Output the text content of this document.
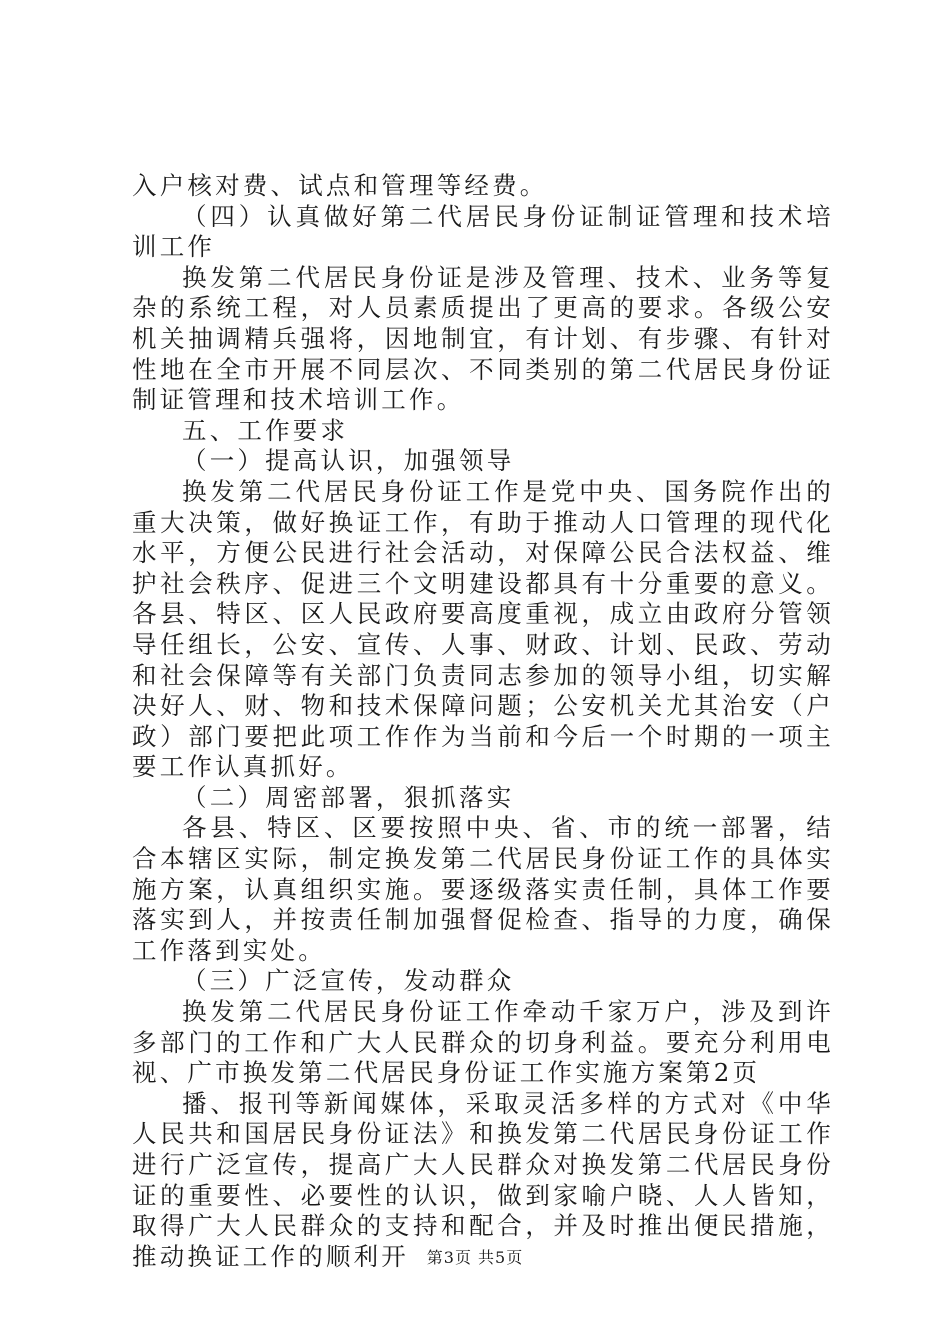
入户核对费、试点和管理等经费。

（四）认真做好第二代居民身份证制证管理和技术培训工作

换发第二代居民身份证是涉及管理、技术、业务等复杂的系统工程，对人员素质提出了更高的要求。各级公安机关抽调精兵强将，因地制宜，有计划、有步骤、有针对性地在全市开展不同层次、不同类别的第二代居民身份证制证管理和技术培训工作。

五、工作要求

（一）提高认识，加强领导

换发第二代居民身份证工作是党中央、国务院作出的重大决策，做好换证工作，有助于推动人口管理的现代化水平，方便公民进行社会活动，对保障公民合法权益、维护社会秩序、促进三个文明建设都具有十分重要的意义。各县、特区、区人民政府要高度重视，成立由政府分管领导任组长，公安、宣传、人事、财政、计划、民政、劳动和社会保障等有关部门负责同志参加的领导小组，切实解决好人、财、物和技术保障问题；公安机关尤其治安（户政）部门要把此项工作作为当前和今后一个时期的一项主要工作认真抓好。

（二）周密部署，狠抓落实

各县、特区、区要按照中央、省、市的统一部署，结合本辖区实际，制定换发第二代居民身份证工作的具体实施方案，认真组织实施。要逐级落实责任制，具体工作要落实到人，并按责任制加强督促检查、指导的力度，确保工作落到实处。

（三）广泛宣传，发动群众

换发第二代居民身份证工作牵动千家万户，涉及到许多部门的工作和广大人民群众的切身利益。要充分利用电视、广市换发第二代居民身份证工作实施方案第2页

播、报刊等新闻媒体，采取灵活多样的方式对《中华人民共和国居民身份证法》和换发第二代居民身份证工作进行广泛宣传，提高广大人民群众对换发第二代居民身份证的重要性、必要性的认识，做到家喻户晓、人人皆知，取得广大人民群众的支持和配合，并及时推出便民措施，推动换证工作的顺利开	第3页 共5页
